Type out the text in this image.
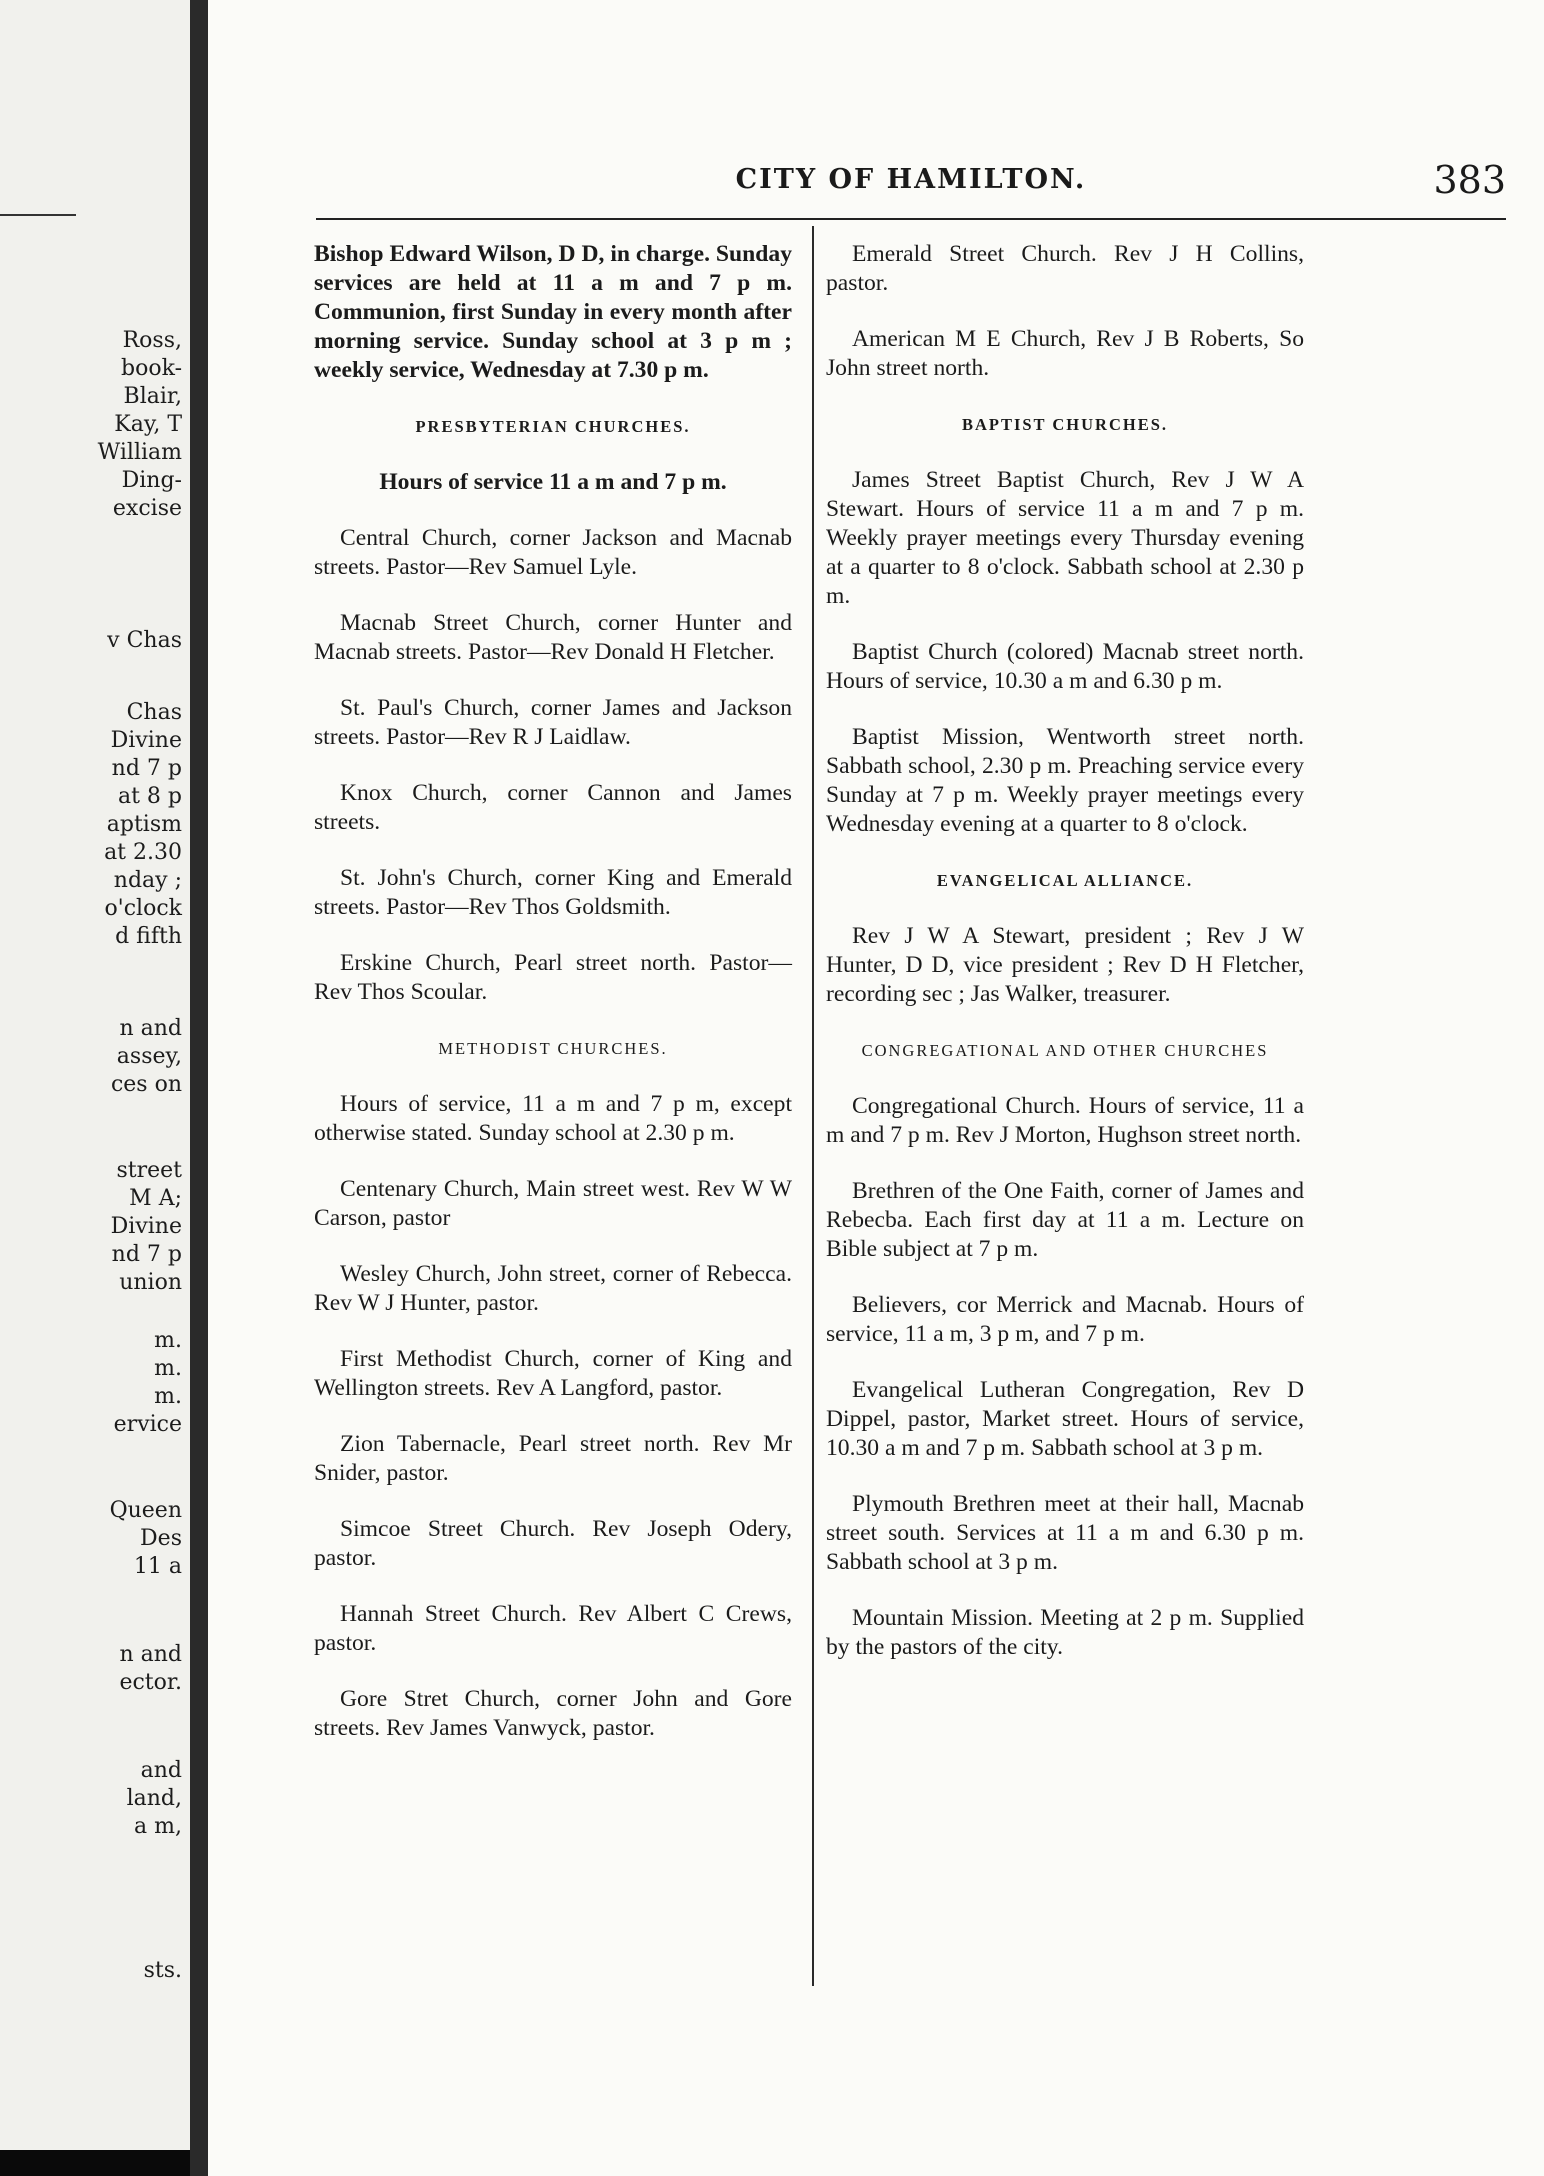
Ross,
book-
Blair,
Kay, T
William
Ding-
excise
v Chas
Chas
Divine
nd 7 p
at 8 p
aptism
at 2.30
nday ;
o'clock
d fifth
n and
assey,
ces on
street
M A;
Divine
nd 7 p
union
m.
m.
m.
ervice
Queen
Des
11 a
n and
ector.
and
land,
a m,
sts.
CITY OF HAMILTON.	383

Bishop Edward Wilson, D D, in charge. Sunday services are held at 11 a m and 7 p m. Communion, first Sunday in every month after morning service. Sunday school at 3 p m ; weekly service, Wednesday at 7.30 p m.

PRESBYTERIAN CHURCHES.

Hours of service 11 a m and 7 p m.

Central Church, corner Jackson and Macnab streets. Pastor—Rev Samuel Lyle.

Macnab Street Church, corner Hunter and Macnab streets. Pastor—Rev Donald H Fletcher.

St. Paul's Church, corner James and Jackson streets. Pastor—Rev R J Laidlaw.

Knox Church, corner Cannon and James streets.

St. John's Church, corner King and Emerald streets. Pastor—Rev Thos Goldsmith.

Erskine Church, Pearl street north. Pastor—Rev Thos Scoular.

METHODIST CHURCHES.

Hours of service, 11 a m and 7 p m, except otherwise stated. Sunday school at 2.30 p m.

Centenary Church, Main street west. Rev W W Carson, pastor

Wesley Church, John street, corner of Rebecca. Rev W J Hunter, pastor.

First Methodist Church, corner of King and Wellington streets. Rev A Langford, pastor.

Zion Tabernacle, Pearl street north. Rev Mr Snider, pastor.

Simcoe Street Church. Rev Joseph Odery, pastor.

Hannah Street Church. Rev Albert C Crews, pastor.

Gore Stret Church, corner John and Gore streets. Rev James Vanwyck, pastor.

Emerald Street Church. Rev J H Collins, pastor.

American M E Church, Rev J B Roberts, So John street north.

BAPTIST CHURCHES.

James Street Baptist Church, Rev J W A Stewart. Hours of service 11 a m and 7 p m. Weekly prayer meetings every Thursday evening at a quarter to 8 o'clock. Sabbath school at 2.30 p m.

Baptist Church (colored) Macnab street north. Hours of service, 10.30 a m and 6.30 p m.

Baptist Mission, Wentworth street north. Sabbath school, 2.30 p m. Preaching service every Sunday at 7 p m. Weekly prayer meetings every Wednesday evening at a quarter to 8 o'clock.

EVANGELICAL ALLIANCE.

Rev J W A Stewart, president ; Rev J W Hunter, D D, vice president ; Rev D H Fletcher, recording sec ; Jas Walker, treasurer.

CONGREGATIONAL AND OTHER CHURCHES

Congregational Church. Hours of service, 11 a m and 7 p m. Rev J Morton, Hughson street north.

Brethren of the One Faith, corner of James and Rebecba. Each first day at 11 a m. Lecture on Bible subject at 7 p m.

Believers, cor Merrick and Macnab. Hours of service, 11 a m, 3 p m, and 7 p m.

Evangelical Lutheran Congregation, Rev D Dippel, pastor, Market street. Hours of service, 10.30 a m and 7 p m. Sabbath school at 3 p m.

Plymouth Brethren meet at their hall, Macnab street south. Services at 11 a m and 6.30 p m. Sabbath school at 3 p m.

Mountain Mission. Meeting at 2 p m. Supplied by the pastors of the city.
